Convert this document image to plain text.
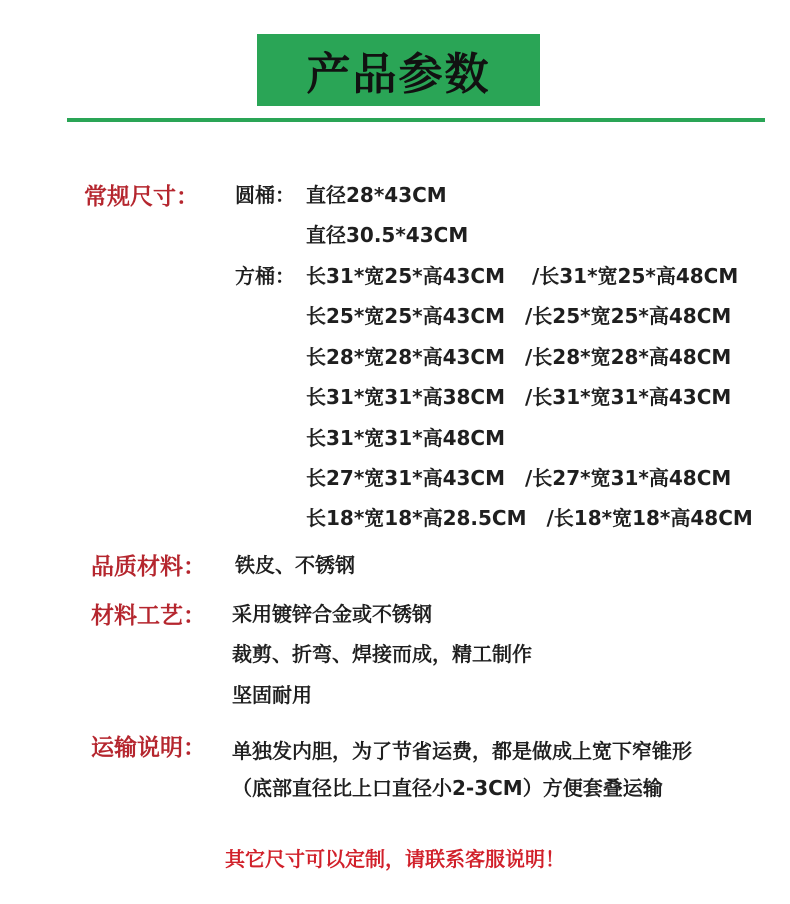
产品参数
常规尺寸： 圆桶： 直径28*43CM
直径30.5*43CM
方桶： 长31*宽25*高43CM　 /长31*宽25*高48CM
长25*宽25*高43CM　/长25*宽25*高48CM
长28*宽28*高43CM　/长28*宽28*高48CM
长31*宽31*高38CM　/长31*宽31*高43CM
长31*宽31*高48CM
长27*宽31*高43CM　/长27*宽31*高48CM
长18*宽18*高28.5CM　/长18*宽18*高48CM
品质材料： 铁皮、不锈钢
材料工艺： 采用镀锌合金或不锈钢
裁剪、折弯、焊接而成，精工制作
坚固耐用
运输说明： 单独发内胆，为了节省运费，都是做成上宽下窄锥形
（底部直径比上口直径小2-3CM）方便套叠运输
其它尺寸可以定制，请联系客服说明！
